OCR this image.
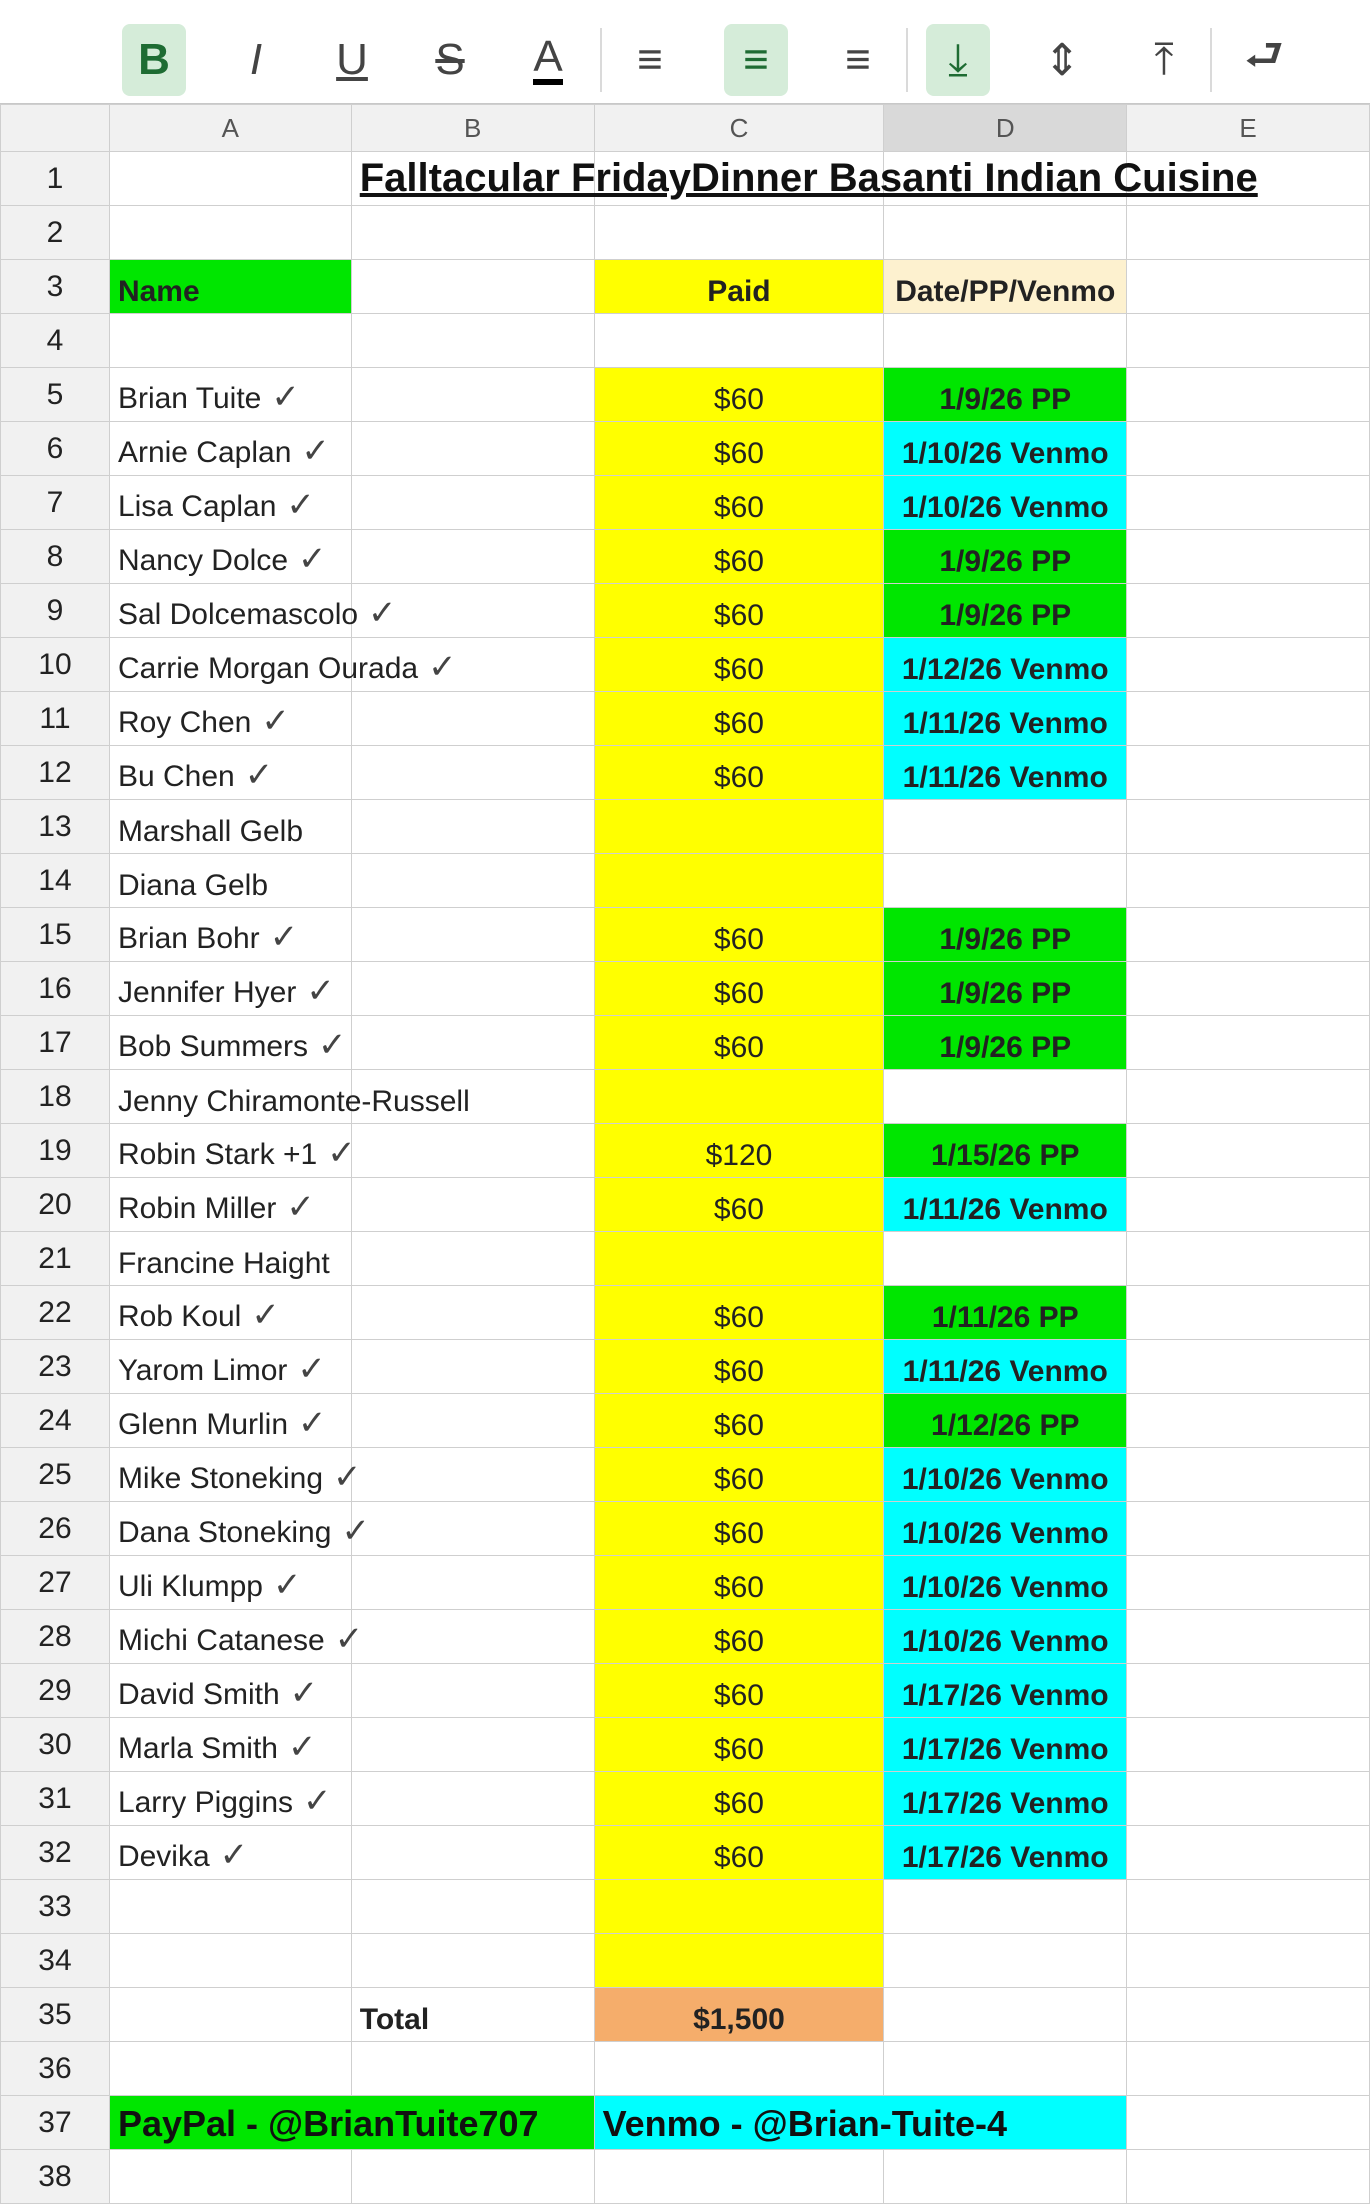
B I U S A ≡ ≡ ≡ ⤓ ⇕ ⤒ ⮐
	A	B	C	D	E
1		Falltacular FridayDinner Basanti Indian Cuisine			

2					
3	Name		Paid	Date/PP/Venmo	

4					
5	Brian Tuite ✓		$60	1/9/26 PP	

6	Arnie Caplan ✓		$60	1/10/26 Venmo	

7	Lisa Caplan ✓		$60	1/10/26 Venmo	

8	Nancy Dolce ✓		$60	1/9/26 PP	

9	Sal Dolcemascolo ✓		$60	1/9/26 PP	

10	Carrie Morgan Ourada ✓		$60	1/12/26 Venmo	

11	Roy Chen ✓		$60	1/11/26 Venmo	

12	Bu Chen ✓		$60	1/11/26 Venmo	

13	Marshall Gelb				

14	Diana Gelb				

15	Brian Bohr ✓		$60	1/9/26 PP	

16	Jennifer Hyer ✓		$60	1/9/26 PP	

17	Bob Summers ✓		$60	1/9/26 PP	

18	Jenny Chiramonte-Russell				

19	Robin Stark +1 ✓		$120	1/15/26 PP	

20	Robin Miller ✓		$60	1/11/26 Venmo	

21	Francine Haight				

22	Rob Koul ✓		$60	1/11/26 PP	

23	Yarom Limor ✓		$60	1/11/26 Venmo	

24	Glenn Murlin ✓		$60	1/12/26 PP	

25	Mike Stoneking ✓		$60	1/10/26 Venmo	

26	Dana Stoneking ✓		$60	1/10/26 Venmo	

27	Uli Klumpp ✓		$60	1/10/26 Venmo	

28	Michi Catanese ✓		$60	1/10/26 Venmo	

29	David Smith ✓		$60	1/17/26 Venmo	

30	Marla Smith ✓		$60	1/17/26 Venmo	

31	Larry Piggins ✓		$60	1/17/26 Venmo	

32	Devika ✓		$60	1/17/26 Venmo	

33					
34					
35		Total	$1,500		

36					
37	PayPal - @BrianTuite707		Venmo - @Brian-Tuite-4		

38					
